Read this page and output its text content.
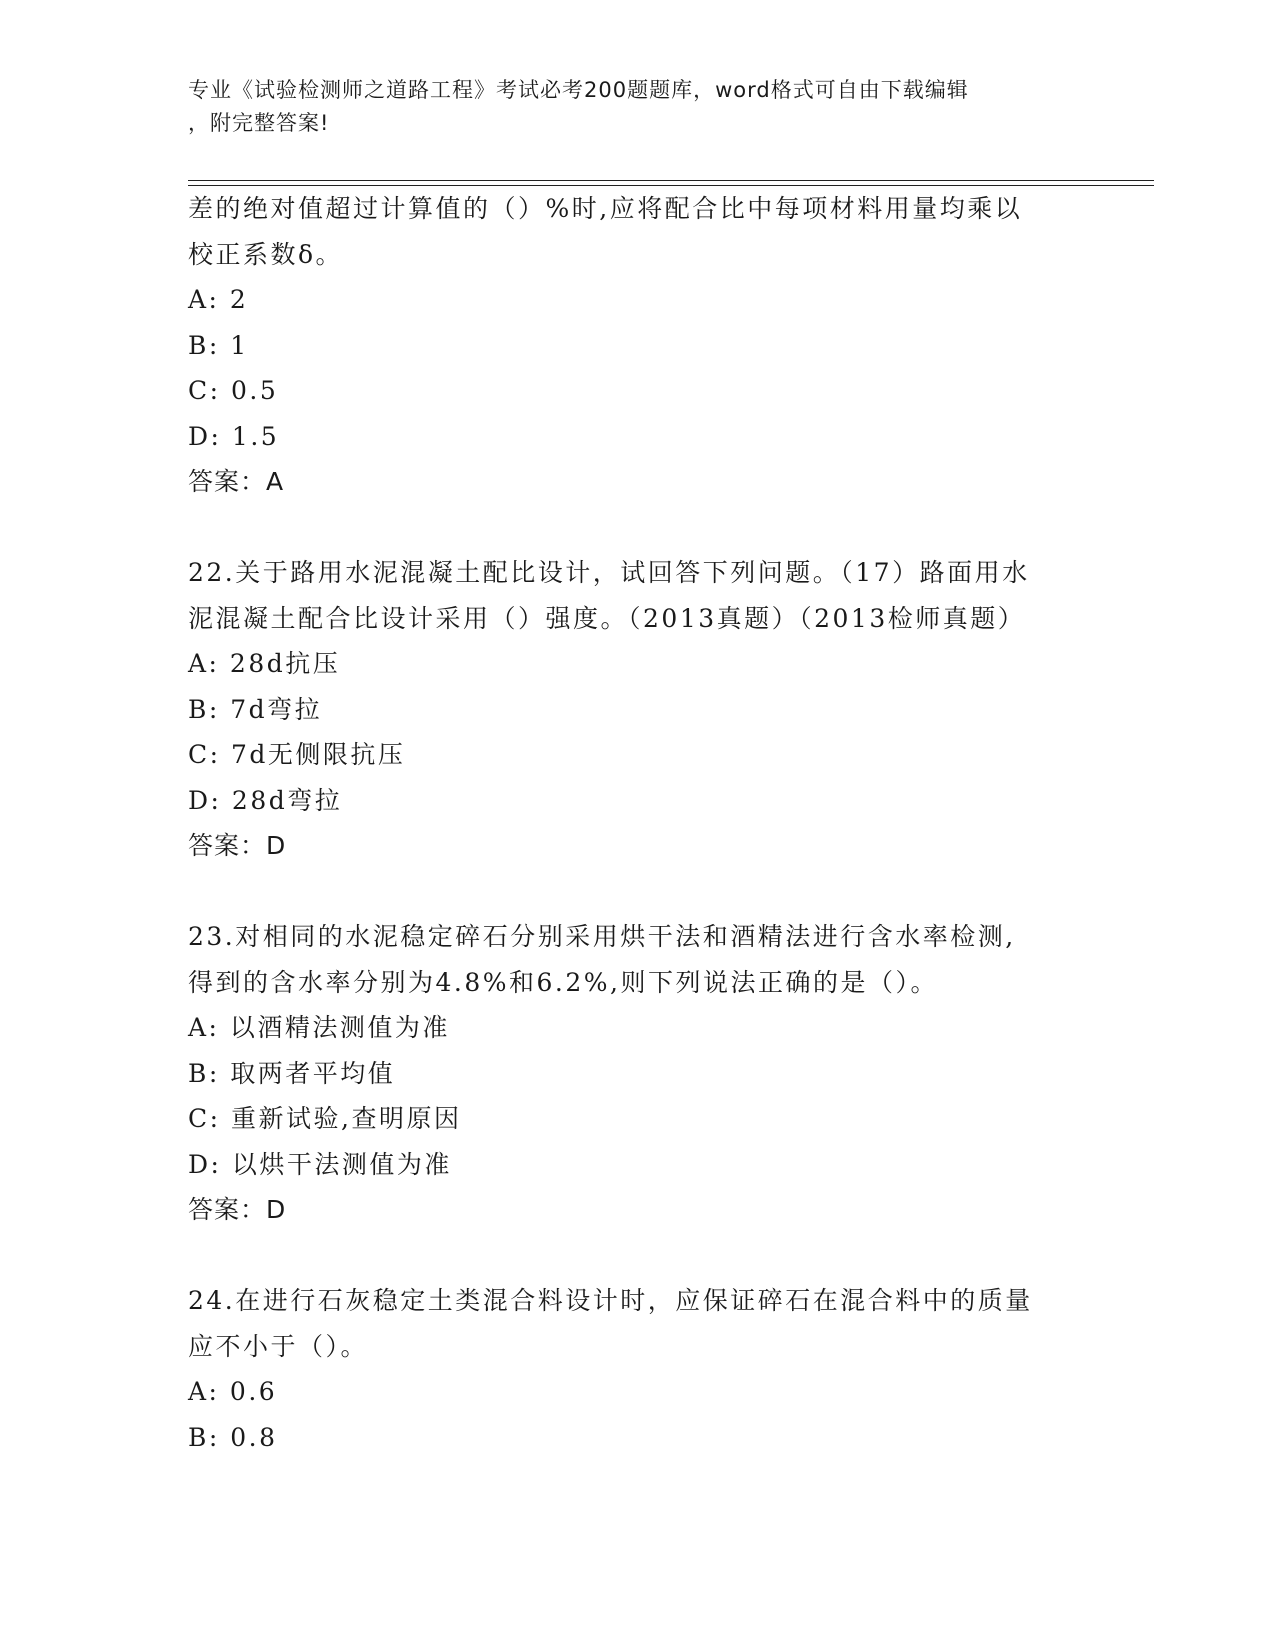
专业《试验检测师之道路工程》考试必考200题题库，word格式可自由下载编辑
，附完整答案!
差的绝对值超过计算值的（）%时,应将配合比中每项材料用量均乘以
校正系数δ。
A: 2
B: 1
C: 0.5
D: 1.5
答案：A
22.关于路用水泥混凝土配比设计，试回答下列问题。（17）路面用水
泥混凝土配合比设计采用（）强度。（2013真题）（2013检师真题）
A: 28d抗压
B: 7d弯拉
C: 7d无侧限抗压
D: 28d弯拉
答案：D
23.对相同的水泥稳定碎石分别采用烘干法和酒精法进行含水率检测,
得到的含水率分别为4.8%和6.2%,则下列说法正确的是（）。
A: 以酒精法测值为准
B: 取两者平均值
C: 重新试验,查明原因
D: 以烘干法测值为准
答案：D
24.在进行石灰稳定土类混合料设计时，应保证碎石在混合料中的质量
应不小于（）。
A: 0.6
B: 0.8
